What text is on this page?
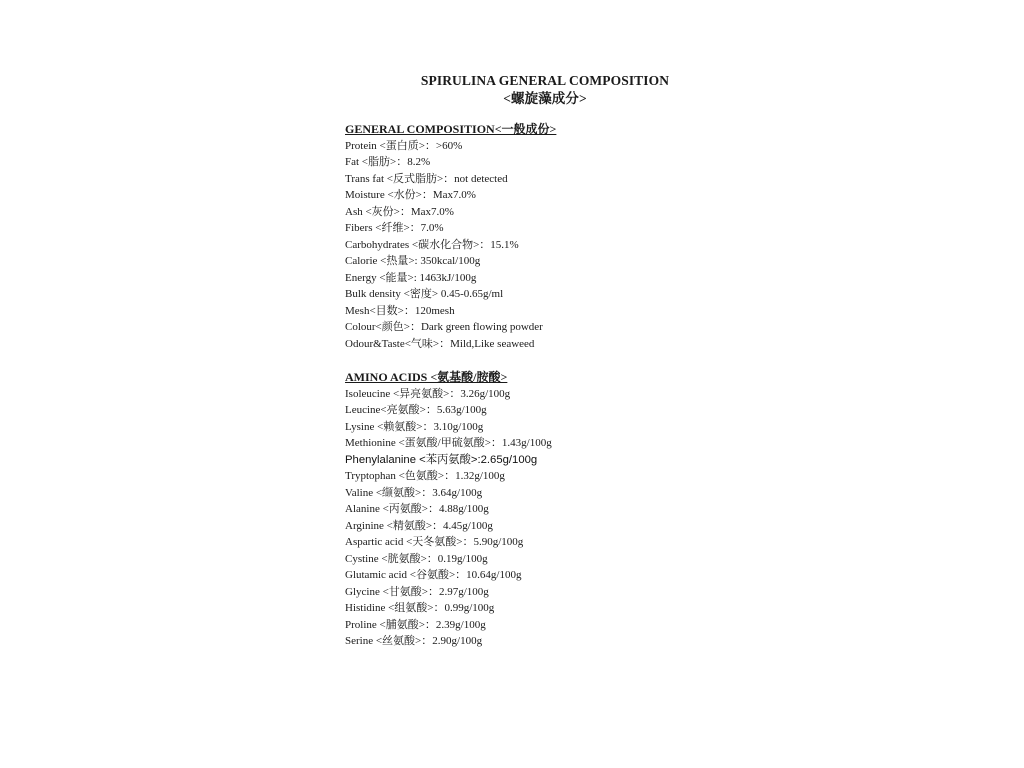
SPIRULINA GENERAL COMPOSITION
<螺旋藻成分>
GENERAL COMPOSITION<一般成份>
Protein <蛋白质>：>60%
Fat <脂肪>：8.2%
Trans fat <反式脂肪>：not detected
Moisture <水份>：Max7.0%
Ash <灰份>：Max7.0%
Fibers <纤维>：7.0%
Carbohydrates <碳水化合物>：15.1%
Calorie <热量>: 350kcal/100g
Energy <能量>: 1463kJ/100g
Bulk density <密度> 0.45-0.65g/ml
Mesh<目数>：120mesh
Colour<颜色>：Dark green flowing powder
Odour&Taste<气味>：Mild,Like seaweed
AMINO ACIDS <氨基酸/胺酸>
Isoleucine <异亮氨酸>：3.26g/100g
Leucine<亮氨酸>：5.63g/100g
Lysine <赖氨酸>：3.10g/100g
Methionine <蛋氨酸/甲硫氨酸>：1.43g/100g
Phenylalanine <苯丙氨酸>:2.65g/100g
Tryptophan <色氨酸>：1.32g/100g
Valine <缬氨酸>：3.64g/100g
Alanine <丙氨酸>：4.88g/100g
Arginine <精氨酸>：4.45g/100g
Aspartic acid <天冬氨酸>：5.90g/100g
Cystine <胱氨酸>：0.19g/100g
Glutamic acid <谷氨酸>：10.64g/100g
Glycine <甘氨酸>：2.97g/100g
Histidine <组氨酸>：0.99g/100g
Proline <脯氨酸>：2.39g/100g
Serine <丝氨酸>：2.90g/100g
